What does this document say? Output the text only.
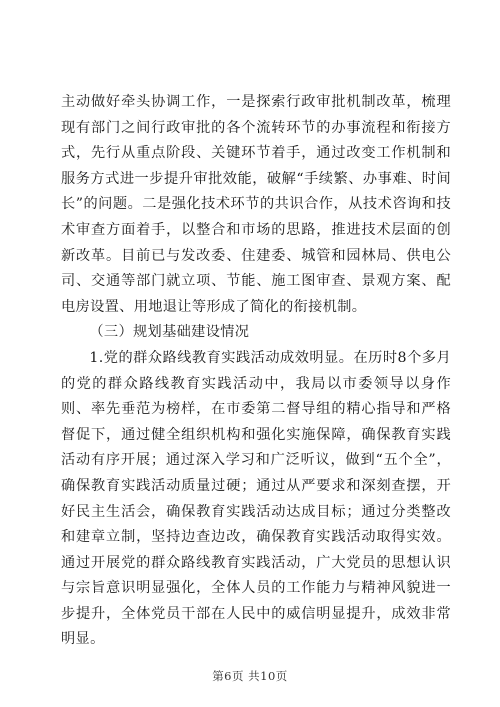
主动做好牵头协调工作，一是探索行政审批机制改革，梳理现有部门之间行政审批的各个流转环节的办事流程和衔接方式，先行从重点阶段、关键环节着手，通过改变工作机制和服务方式进一步提升审批效能，破解“手续繁、办事难、时间长”的问题。二是强化技术环节的共识合作，从技术咨询和技术审查方面着手，以整合和市场的思路，推进技术层面的创新改革。目前已与发改委、住建委、城管和园林局、供电公司、交通等部门就立项、节能、施工图审查、景观方案、配电房设置、用地退让等形成了简化的衔接机制。

（三）规划基础建设情况

1.党的群众路线教育实践活动成效明显。在历时8个多月的党的群众路线教育实践活动中，我局以市委领导以身作则、率先垂范为榜样，在市委第二督导组的精心指导和严格督促下，通过健全组织机构和强化实施保障，确保教育实践活动有序开展；通过深入学习和广泛听议，做到“五个全”，确保教育实践活动质量过硬；通过从严要求和深刻查摆，开好民主生活会，确保教育实践活动达成目标；通过分类整改和建章立制，坚持边查边改，确保教育实践活动取得实效。通过开展党的群众路线教育实践活动，广大党员的思想认识与宗旨意识明显强化，全体人员的工作能力与精神风貌进一步提升，全体党员干部在人民中的威信明显提升，成效非常明显。

第6页 共10页
